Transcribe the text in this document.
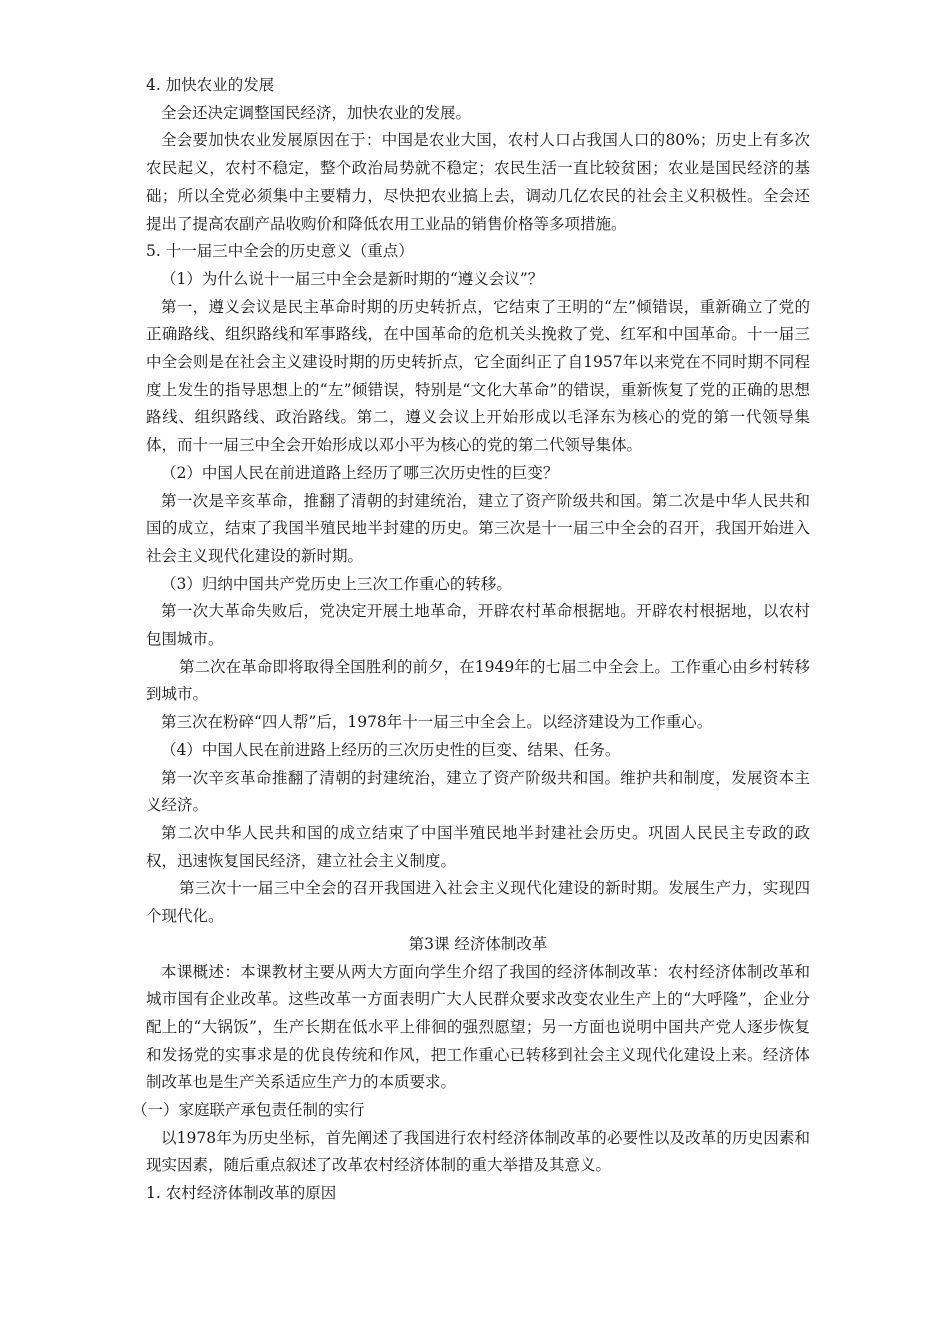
4. 加快农业的发展

全会还决定调整国民经济，加快农业的发展。

全会要加快农业发展原因在于：中国是农业大国，农村人口占我国人口的80%；历史上有多次农民起义，农村不稳定，整个政治局势就不稳定；农民生活一直比较贫困；农业是国民经济的基础；所以全党必须集中主要精力，尽快把农业搞上去，调动几亿农民的社会主义积极性。全会还提出了提高农副产品收购价和降低农用工业品的销售价格等多项措施。

5. 十一届三中全会的历史意义（重点）

（1）为什么说十一届三中全会是新时期的“遵义会议”？

第一，遵义会议是民主革命时期的历史转折点，它结束了王明的“左”倾错误，重新确立了党的正确路线、组织路线和军事路线，在中国革命的危机关头挽救了党、红军和中国革命。十一届三中全会则是在社会主义建设时期的历史转折点，它全面纠正了自1957年以来党在不同时期不同程度上发生的指导思想上的“左”倾错误，特别是“文化大革命”的错误，重新恢复了党的正确的思想路线、组织路线、政治路线。第二，遵义会议上开始形成以毛泽东为核心的党的第一代领导集体，而十一届三中全会开始形成以邓小平为核心的党的第二代领导集体。

（2）中国人民在前进道路上经历了哪三次历史性的巨变？

第一次是辛亥革命，推翻了清朝的封建统治，建立了资产阶级共和国。第二次是中华人民共和国的成立，结束了我国半殖民地半封建的历史。第三次是十一届三中全会的召开，我国开始进入社会主义现代化建设的新时期。

（3）归纳中国共产党历史上三次工作重心的转移。

第一次大革命失败后，党决定开展土地革命，开辟农村革命根据地。开辟农村根据地，以农村包围城市。

第二次在革命即将取得全国胜利的前夕，在1949年的七届二中全会上。工作重心由乡村转移到城市。

第三次在粉碎“四人帮”后，1978年十一届三中全会上。以经济建设为工作重心。

（4）中国人民在前进路上经历的三次历史性的巨变、结果、任务。

第一次辛亥革命推翻了清朝的封建统治，建立了资产阶级共和国。维护共和制度，发展资本主义经济。

第二次中华人民共和国的成立结束了中国半殖民地半封建社会历史。巩固人民民主专政的政权，迅速恢复国民经济，建立社会主义制度。

第三次十一届三中全会的召开我国进入社会主义现代化建设的新时期。发展生产力，实现四个现代化。

第3课 经济体制改革

本课概述：本课教材主要从两大方面向学生介绍了我国的经济体制改革：农村经济体制改革和城市国有企业改革。这些改革一方面表明广大人民群众要求改变农业生产上的“大呼隆”，企业分配上的“大锅饭”，生产长期在低水平上徘徊的强烈愿望；另一方面也说明中国共产党人逐步恢复和发扬党的实事求是的优良传统和作风，把工作重心已转移到社会主义现代化建设上来。经济体制改革也是生产关系适应生产力的本质要求。

（一）家庭联产承包责任制的实行

以1978年为历史坐标，首先阐述了我国进行农村经济体制改革的必要性以及改革的历史因素和现实因素，随后重点叙述了改革农村经济体制的重大举措及其意义。

1. 农村经济体制改革的原因
